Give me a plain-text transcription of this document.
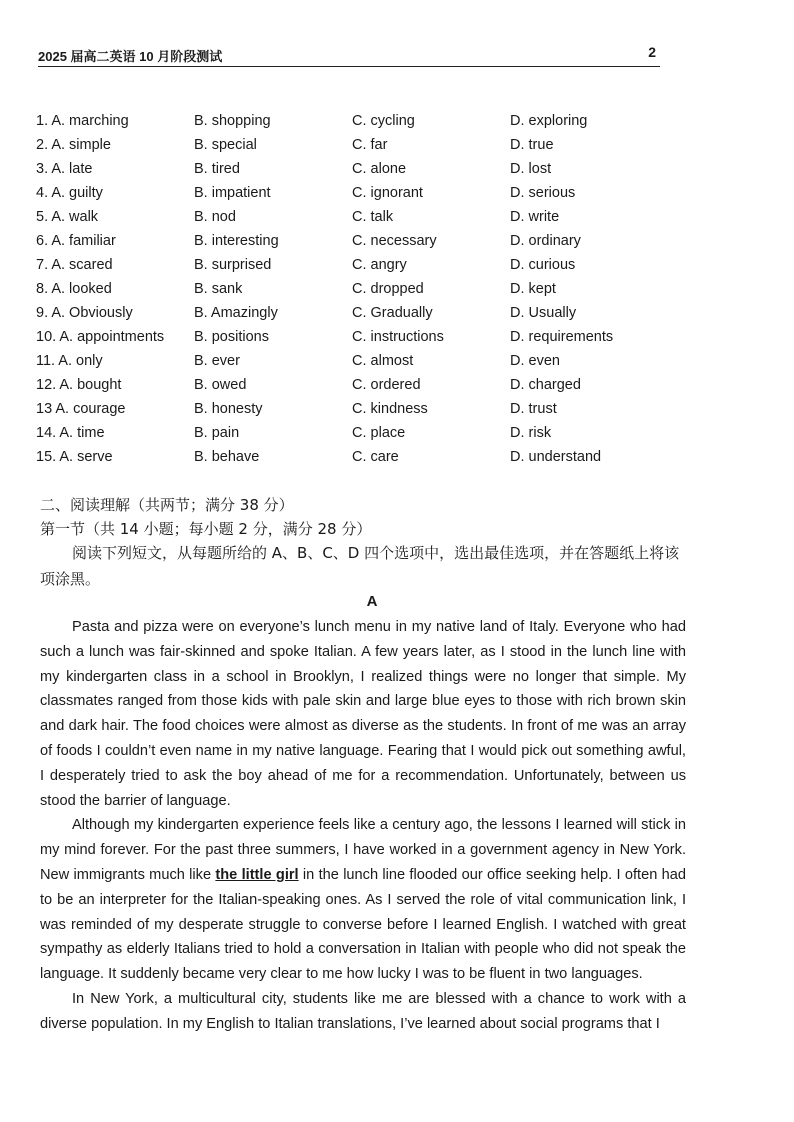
2025 届高二英语 10 月阶段测试	2
1. A. marching	B. shopping	C. cycling	D. exploring
2. A. simple	B. special	C. far	D. true
3. A. late	B. tired	C. alone	D. lost
4. A. guilty	B. impatient	C. ignorant	D. serious
5. A. walk	B. nod	C. talk	D. write
6. A. familiar	B. interesting	C. necessary	D. ordinary
7. A. scared	B. surprised	C. angry	D. curious
8. A. looked	B. sank	C. dropped	D. kept
9. A. Obviously	B. Amazingly	C. Gradually	D. Usually
10. A. appointments B. positions	C. instructions	D. requirements
11. A. only	B. ever	C. almost	D. even
12. A. bought	B. owed	C. ordered	D. charged
13 A. courage	B. honesty	C. kindness	D. trust
14. A. time	B. pain	C. place	D. risk
15. A. serve	B. behave	C. care	D. understand
二、阅读理解（共两节；满分 38 分）
第一节（共 14 小题；每小题 2 分，满分 28 分）
阅读下列短文，从每题所给的 A、B、C、D 四个选项中，选出最佳选项，并在答题纸上将该项涂黑。
A

Pasta and pizza were on everyone’s lunch menu in my native land of Italy. Everyone who had such a lunch was fair-skinned and spoke Italian. A few years later, as I stood in the lunch line with my kindergarten class in a school in Brooklyn, I realized things were no longer that simple. My classmates ranged from those kids with pale skin and large blue eyes to those with rich brown skin and dark hair. The food choices were almost as diverse as the students. In front of me was an array of foods I couldn’t even name in my native language. Fearing that I would pick out something awful, I desperately tried to ask the boy ahead of me for a recommendation. Unfortunately, between us stood the barrier of language.

Although my kindergarten experience feels like a century ago, the lessons I learned will stick in my mind forever. For the past three summers, I have worked in a government agency in New York. New immigrants much like the little girl in the lunch line flooded our office seeking help. I often had to be an interpreter for the Italian-speaking ones. As I served the role of vital communication link, I was reminded of my desperate struggle to converse before I learned English. I watched with great sympathy as elderly Italians tried to hold a conversation in Italian with people who did not speak the language. It suddenly became very clear to me how lucky I was to be fluent in two languages.

In New York, a multicultural city, students like me are blessed with a chance to work with a diverse population. In my English to Italian translations, I’ve learned about social programs that I
